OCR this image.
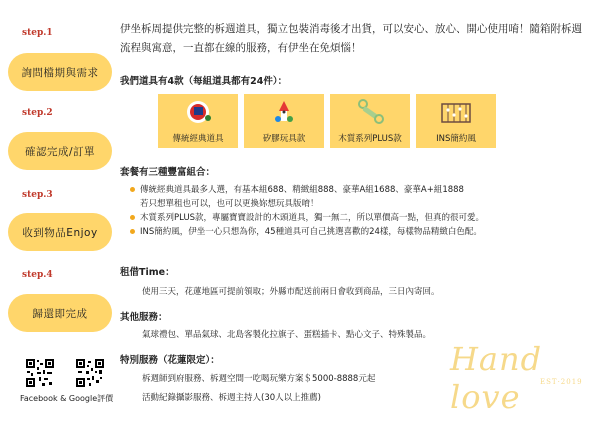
step.1
詢問檔期與需求
step.2
確認完成/訂單
step.3
收到物品Enjoy
step.4
歸還即完成
Facebook & Google評價

伊坐柝周提供完整的柝週道具，獨立包裝消毒後才出貨，可以安心、放心、開心使用唷！隨箱附柝週流程與寓意，一直都在線的服務，有伊坐在免煩惱！

我們道具有4款（每組道具都有24件）：

傳統經典道具	矽膠玩具款	木質系列PLUS款	INS簡約風

套餐有三種豐富組合：

傳統經典道具最多人選，有基本組688、精緻組888、豪華A組1688、豪華A+組1888
若只想單租也可以，也可以更換妳想玩具版唷！
木質系列PLUS款，專屬寶寶設計的木頭道具，獨一無二，所以單價高一點，但真的很可愛。
INS簡約風，伊坐一心只想為你，45種道具可自己挑選喜歡的24樣，每樣物品精緻白色配。

租借Time：

使用三天，花蓮地區可提前領取；外縣市配送前兩日會收到商品，三日內寄回。

其他服務：

氣球禮包、單品氣球、北島客製化拉旗子、蛋糕插卡、點心文子、特殊製品。

特別服務（花蓮限定）：

柝週師到府服務、柝週空間一吃喝玩樂方案＄5000-8888元起

活動紀錄攝影服務、柝週主持人(30人以上推薦)

Hand love	EST·2019
